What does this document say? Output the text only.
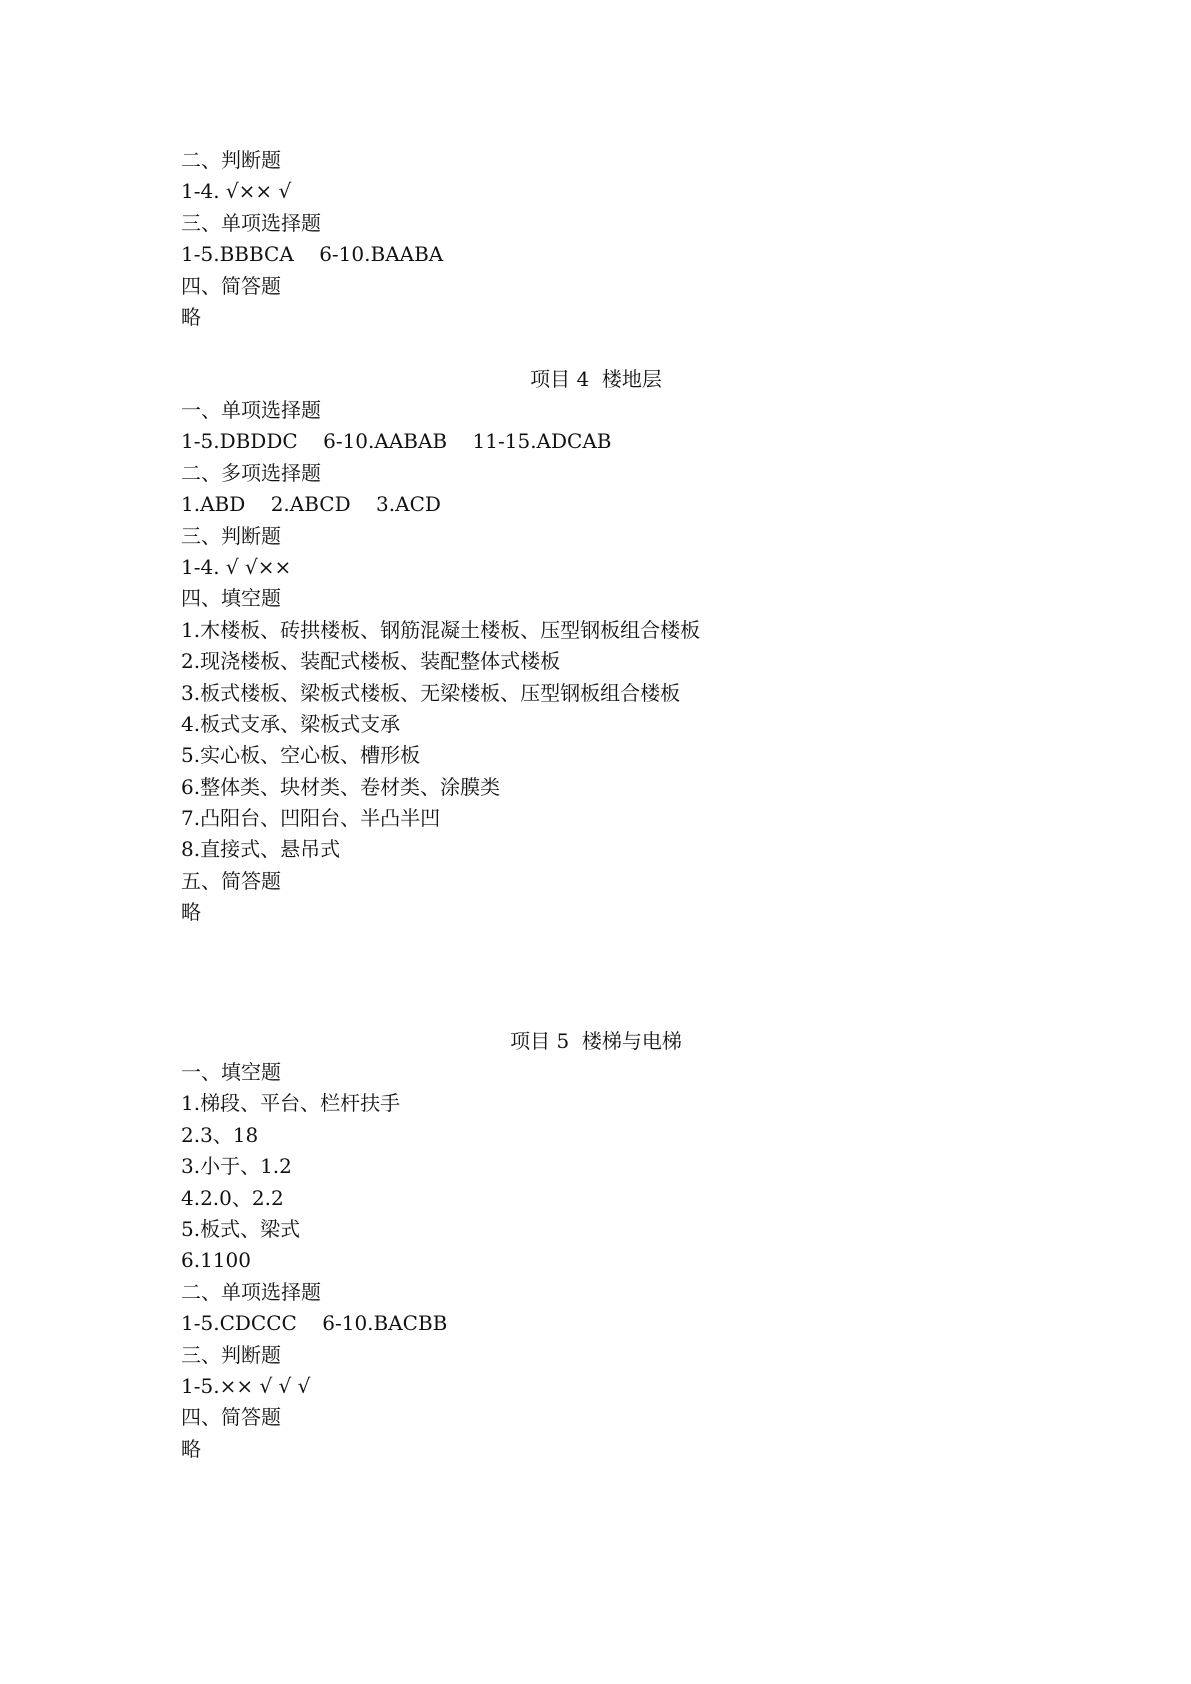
二、判断题
1-4. √×× √
三、单项选择题
1-5.BBBCA    6-10.BAABA
四、简答题
略
项目 4  楼地层
一、单项选择题
1-5.DBDDC    6-10.AABAB    11-15.ADCAB
二、多项选择题
1.ABD    2.ABCD    3.ACD
三、判断题
1-4. √ √××
四、填空题
1.木楼板、砖拱楼板、钢筋混凝土楼板、压型钢板组合楼板
2.现浇楼板、装配式楼板、装配整体式楼板
3.板式楼板、梁板式楼板、无梁楼板、压型钢板组合楼板
4.板式支承、梁板式支承
5.实心板、空心板、槽形板
6.整体类、块材类、卷材类、涂膜类
7.凸阳台、凹阳台、半凸半凹
8.直接式、悬吊式
五、简答题
略
项目 5  楼梯与电梯
一、填空题
1.梯段、平台、栏杆扶手
2.3、18
3.小于、1.2
4.2.0、2.2
5.板式、梁式
6.1100
二、单项选择题
1-5.CDCCC    6-10.BACBB
三、判断题
1-5.×× √ √ √
四、简答题
略
